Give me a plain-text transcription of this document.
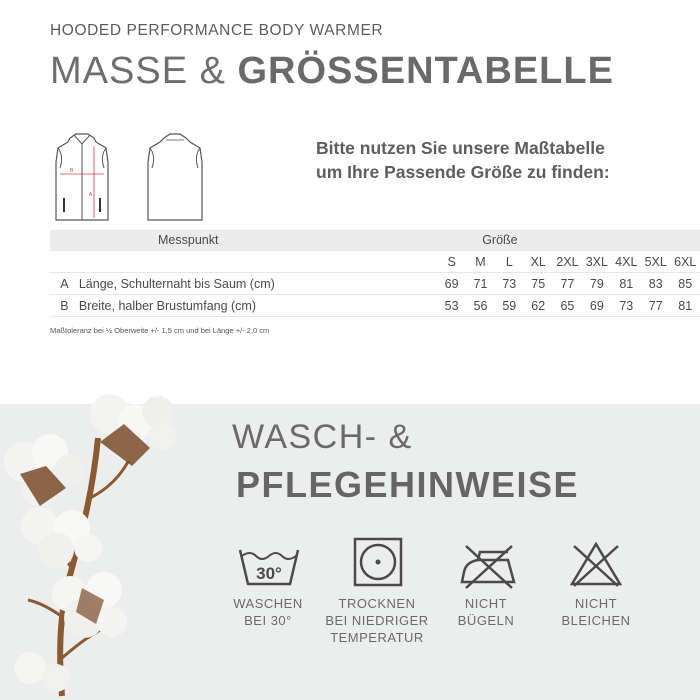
HOODED PERFORMANCE BODY WARMER
MASSE & GRÖSSENTABELLE
B
A
Bitte nutzen Sie unsere Maßtabelle
um Ihre Passende Größe zu finden:
Messpunkt			Größe								
			S	M	L	XL	2XL	3XL	4XL	5XL	6XL
A	Länge, Schulternaht bis Saum (cm)		69	71	73	75	77	79	81	83	85
B	Breite, halber Brustumfang (cm)		53	56	59	62	65	69	73	77	81
Maßtoleranz bei ½ Oberweite +/- 1,5 cm und bei Länge +/- 2,0 cm
WASCH- &
PFLEGEHINWEISE
30°
WASCHEN
BEI 30°
TROCKNEN
BEI NIEDRIGER
TEMPERATUR
NICHT
BÜGELN
NICHT
BLEICHEN
